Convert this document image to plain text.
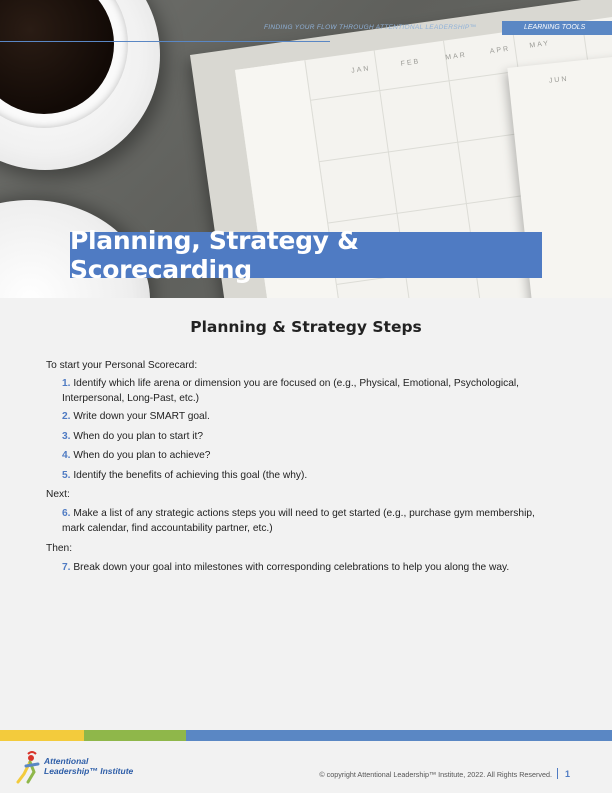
JAN
FEB
MAR
APR
MAY
JUN
FINDING YOUR FLOW THROUGH ATTENTIONAL LEADERSHIP™	LEARNING TOOLS
Planning, Strategy & Scorecarding
Planning & Strategy Steps
To start your Personal Scorecard:
1. Identify which life arena or dimension you are focused on (e.g., Physical, Emotional, Psychological,
Interpersonal, Long-Past, etc.)
2. Write down your SMART goal.
3. When do you plan to start it?
4. When do you plan to achieve?
5. Identify the benefits of achieving this goal (the why).
Next:
6. Make a list of any strategic actions steps you will need to get started (e.g., purchase gym membership,
mark calendar, find accountability partner, etc.)
Then:
7. Break down your goal into milestones with corresponding celebrations to help you along the way.
Attentional
Leadership™ Institute	© copyright Attentional Leadership™ Institute, 2022. All Rights Reserved. 1
